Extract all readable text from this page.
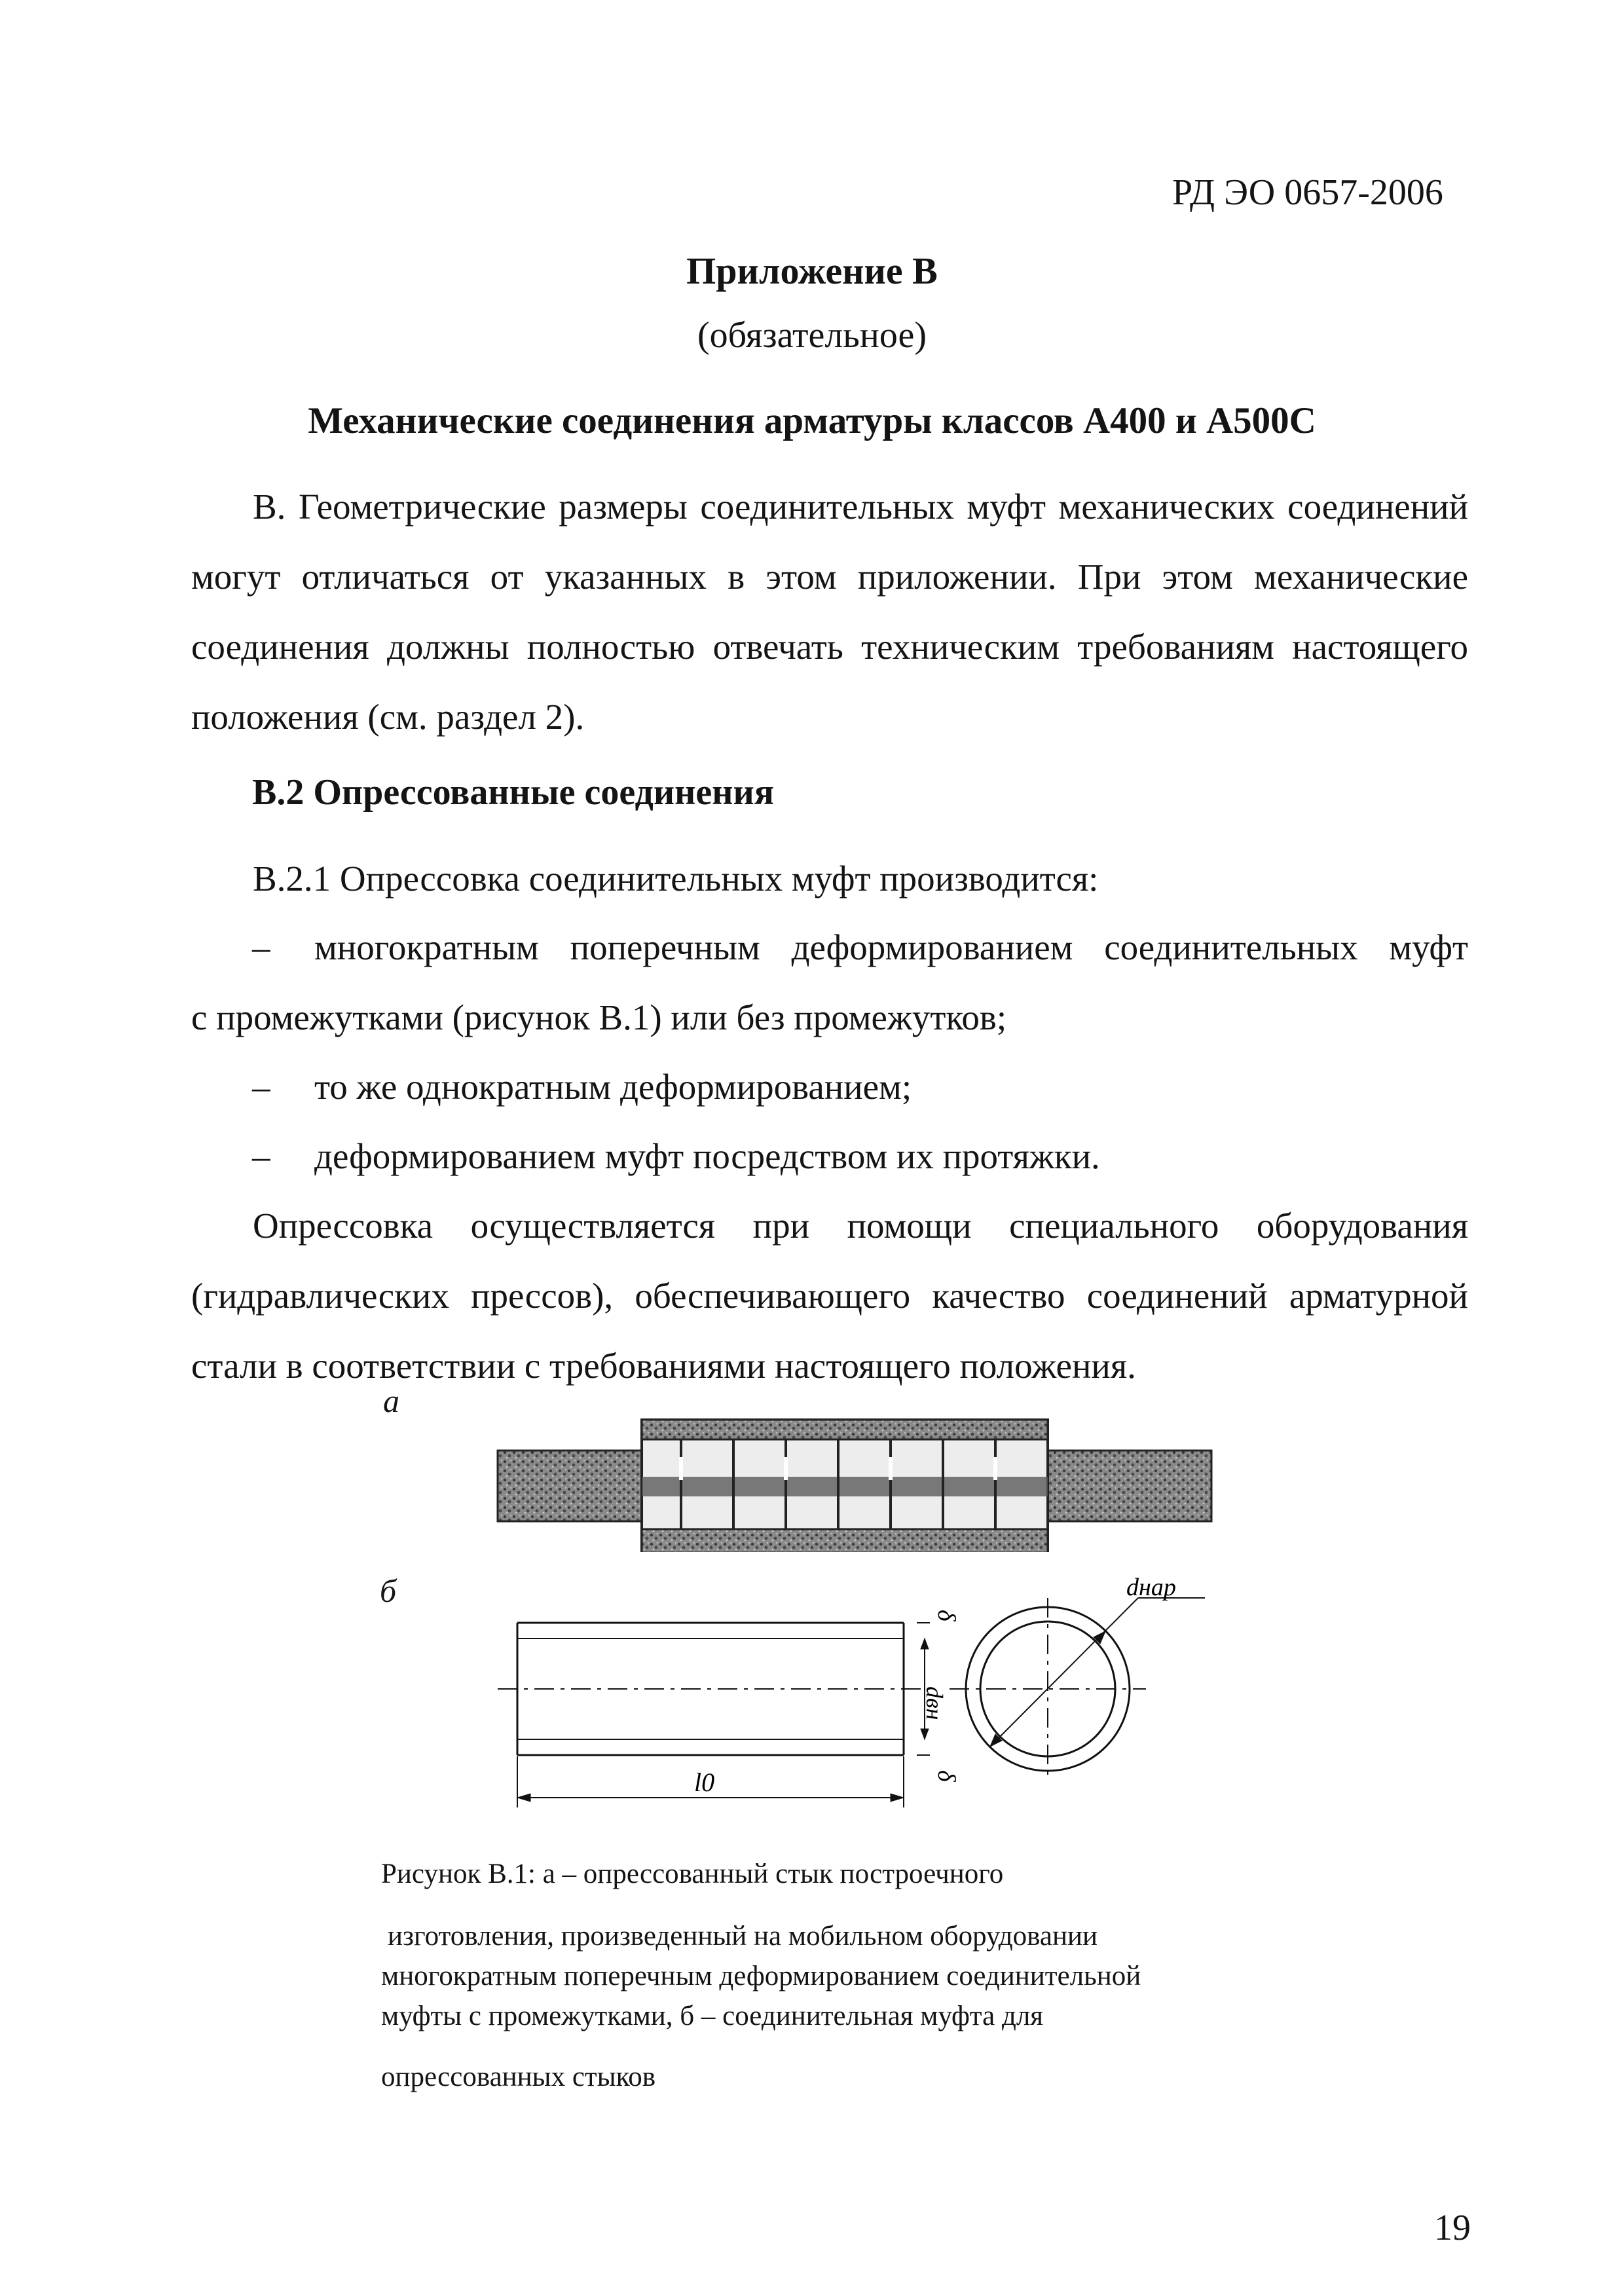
РД ЭО 0657-2006
Приложение В
(обязательное)
Механические соединения арматуры классов А400 и А500С

В. Геометрические размеры соединительных муфт механических соединений могут отличаться от указанных в этом приложении. При этом механические соединения должны полностью отвечать техническим требованиям настоящего положения (см. раздел 2).

В.2 Опрессованные соединения

В.2.1 Опрессовка соединительных муфт производится:

–	многократным поперечным деформированием соединительных муфт
с промежутками (рисунок В.1) или без промежутков;
–	то же однократным деформированием;
–	деформированием муфт посредством их протяжки.

Опрессовка осуществляется при помощи специального оборудования (гидравлических прессов), обеспечивающего качество соединений арматурной стали в соответствии с требованиями настоящего положения.

а
б
δ
dвн
δ
l0
dнар
Рисунок В.1: а – опрессованный стык построечного
изготовления, произведенный на мобильном оборудовании
многократным поперечным деформированием соединительной
муфты с промежутками, б – соединительная муфта для
опрессованных стыков
19
